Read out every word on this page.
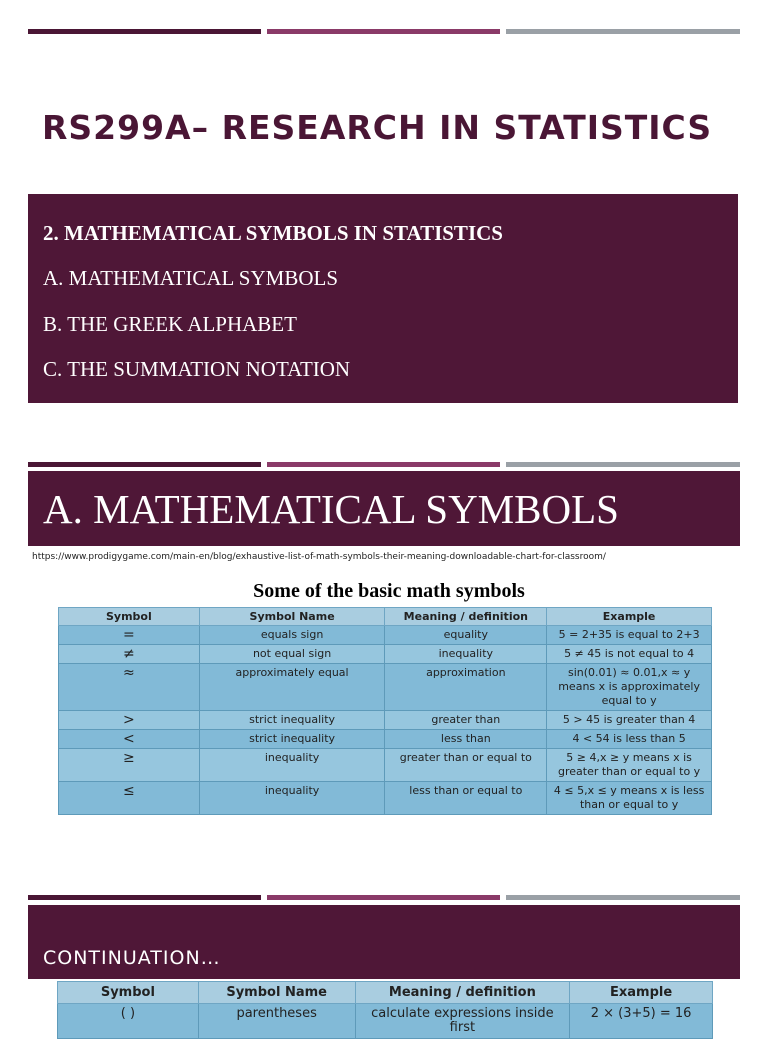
RS299A– RESEARCH IN STATISTICS
2. MATHEMATICAL SYMBOLS IN STATISTICS
A. MATHEMATICAL SYMBOLS
B. THE GREEK ALPHABET
C. THE SUMMATION NOTATION
A. MATHEMATICAL SYMBOLS
https://www.prodigygame.com/main-en/blog/exhaustive-list-of-math-symbols-their-meaning-downloadable-chart-for-classroom/
Some of the basic math symbols
Symbol	Symbol Name	Meaning / definition	Example
=	equals sign	equality	5 = 2+35 is equal to 2+3
≠	not equal sign	inequality	5 ≠ 45 is not equal to 4
≈	approximately equal	approximation	sin(0.01) ≈ 0.01,x ≈ y means x is approximately equal to y
>	strict inequality	greater than	5 > 45 is greater than 4
<	strict inequality	less than	4 < 54 is less than 5
≥	inequality	greater than or equal to	5 ≥ 4,x ≥ y means x is greater than or equal to y
≤	inequality	less than or equal to	4 ≤ 5,x ≤ y means x is less than or equal to y
CONTINUATION…
Symbol	Symbol Name	Meaning / definition	Example
( )	parentheses	calculate expressions inside first	2 × (3+5) = 16
